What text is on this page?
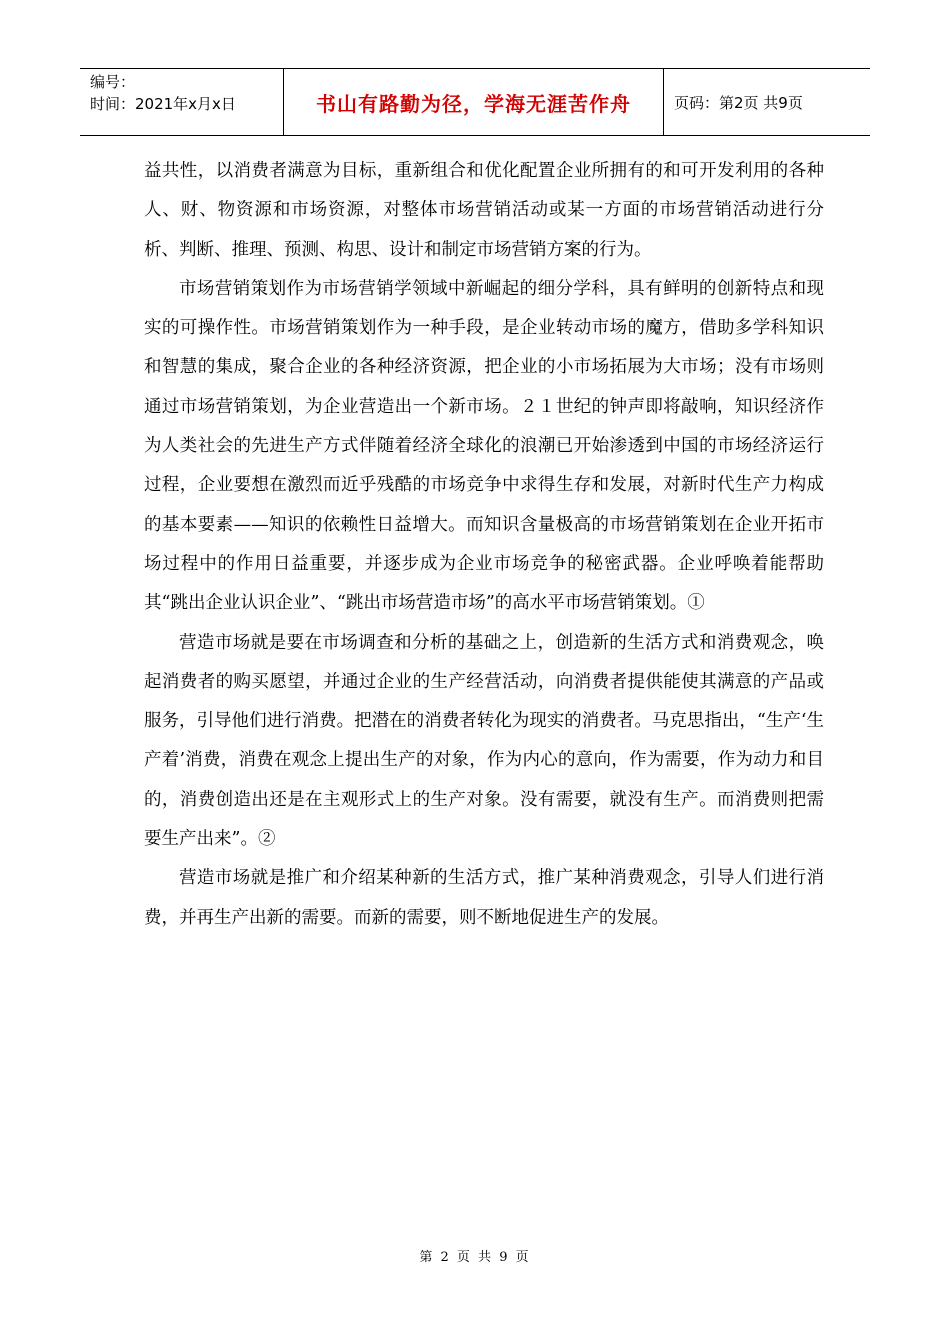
编号：
时间：2021年x月x日	书山有路勤为径，学海无涯苦作舟	页码：第2页 共9页

益共性，以消费者满意为目标，重新组合和优化配置企业所拥有的和可开发利用的各种人、财、物资源和市场资源，对整体市场营销活动或某一方面的市场营销活动进行分析、判断、推理、预测、构思、设计和制定市场营销方案的行为。

市场营销策划作为市场营销学领域中新崛起的细分学科，具有鲜明的创新特点和现实的可操作性。市场营销策划作为一种手段，是企业转动市场的魔方，借助多学科知识和智慧的集成，聚合企业的各种经济资源，把企业的小市场拓展为大市场；没有市场则通过市场营销策划，为企业营造出一个新市场。２１世纪的钟声即将敲响，知识经济作为人类社会的先进生产方式伴随着经济全球化的浪潮已开始渗透到中国的市场经济运行过程，企业要想在激烈而近乎残酷的市场竞争中求得生存和发展，对新时代生产力构成的基本要素——知识的依赖性日益增大。而知识含量极高的市场营销策划在企业开拓市场过程中的作用日益重要，并逐步成为企业市场竞争的秘密武器。企业呼唤着能帮助其“跳出企业认识企业”、“跳出市场营造市场”的高水平市场营销策划。①

营造市场就是要在市场调查和分析的基础之上，创造新的生活方式和消费观念，唤起消费者的购买愿望，并通过企业的生产经营活动，向消费者提供能使其满意的产品或服务，引导他们进行消费。把潜在的消费者转化为现实的消费者。马克思指出，“生产‘生产着’消费，消费在观念上提出生产的对象，作为内心的意向，作为需要，作为动力和目的，消费创造出还是在主观形式上的生产对象。没有需要，就没有生产。而消费则把需要生产出来”。②

营造市场就是推广和介绍某种新的生活方式，推广某种消费观念，引导人们进行消费，并再生产出新的需要。而新的需要，则不断地促进生产的发展。

第 2 页 共 9 页
